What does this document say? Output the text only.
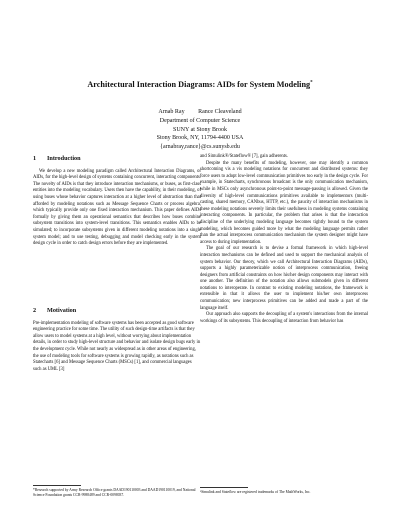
Architectural Interaction Diagrams: AIDs for System Modeling*
Arnab Ray Rance Cleaveland
Department of Computer Science
SUNY at Stony Brook
Stony Brook, NY, 11794-4400 USA
{arnabray,rance}@cs.sunysb.edu
1 Introduction

We develop a new modeling paradigm called Architectural Interaction Diagrams, or AIDs, for the high-level design of systems containing concurrent, interacting components. The novelty of AIDs is that they introduce interaction mechanisms, or buses, as first-class entities into the modeling vocabulary. Users then have the capability, in their modeling, of using buses whose behavior captures interaction at a higher level of abstraction than that afforded by modeling notations such as Message Sequence Charts or process algebra, which typically provide only one fixed interaction mechanism. This paper defines AIDs formally by giving them an operational semantics that describes how buses combine subsystem transitions into system-level transitions. This semantics enables AIDs to be simulated; to incorporate subsystems given in different modeling notations into a single system model; and to use testing, debugging and model checking early in the system design cycle in order to catch design errors before they are implemented.

2 Motivation

Pre-implementation modeling of software systems has been accepted as good software engineering practice for some time. The utility of such design-time artifacts is that they allow users to model systems at a high level, without worrying about implementation details, in order to study high-level structure and behavior and isolate design bugs early in the development cycle. While not nearly as widespread as in other areas of engineering, the use of modeling tools for software systems is growing rapidly, as notations such as Statecharts [6] and Message Sequence Charts (MSCs) [1], and commercial languages such as UML [3]

and Simulink®/Stateflow® [7], gain adherents.

Despite the many benefits of modeling, however, one may identify a common shortcoming vis a vis modeling notations for concurrent and distributed systems: they force users to adopt low-level communication primitives too early in the design cycle. For example, in Statecharts, synchronous broadcast is the only communication mechanism, while in MSCs only asynchronous point-to-point message-passing is allowed. Given the diversity of high-level communications primitives available to implementors (multi-casting, shared memory, CANbus, HTTP, etc.), the paucity of interaction mechanisms in these modeling notations severely limits their usefulness in modeling systems containing interacting components. In particular, the problem that arises is that the interaction discipline of the underlying modeling language becomes tightly bound to the system modeling, which becomes guided more by what the modeling language permits rather than the actual interprocess communication mechanism the system designer might have access to during implementation.

The goal of our research is to devise a formal framework in which high-level interaction mechanisms can be defined and used to support the mechanical analysis of system behavior. Our theory, which we call Architectural Interaction Diagrams (AIDs), supports a highly parameterizable notion of interprocess communication, freeing designers from artificial constraints on how his/her design components may interact with one another. The definition of the notation also allows submodels given in different notations to interoperate. In contrast to existing modeling notations, the framework is extensible in that it allows the user to implement his/her own interprocess communication; new interprocess primitives can be added and made a part of the language itself.

Our approach also supports the decoupling of a system's interactions from the internal workings of its subsystems. This decoupling of interaction from behavior has

*Research supported by Army Research Office grants DAAD190110003 and DAAD190110019, and National Science Foundation grants CCR-9988489 and CCR-0098037.
¹Simulink and Stateflow are registered trademarks of The MathWorks, Inc.
